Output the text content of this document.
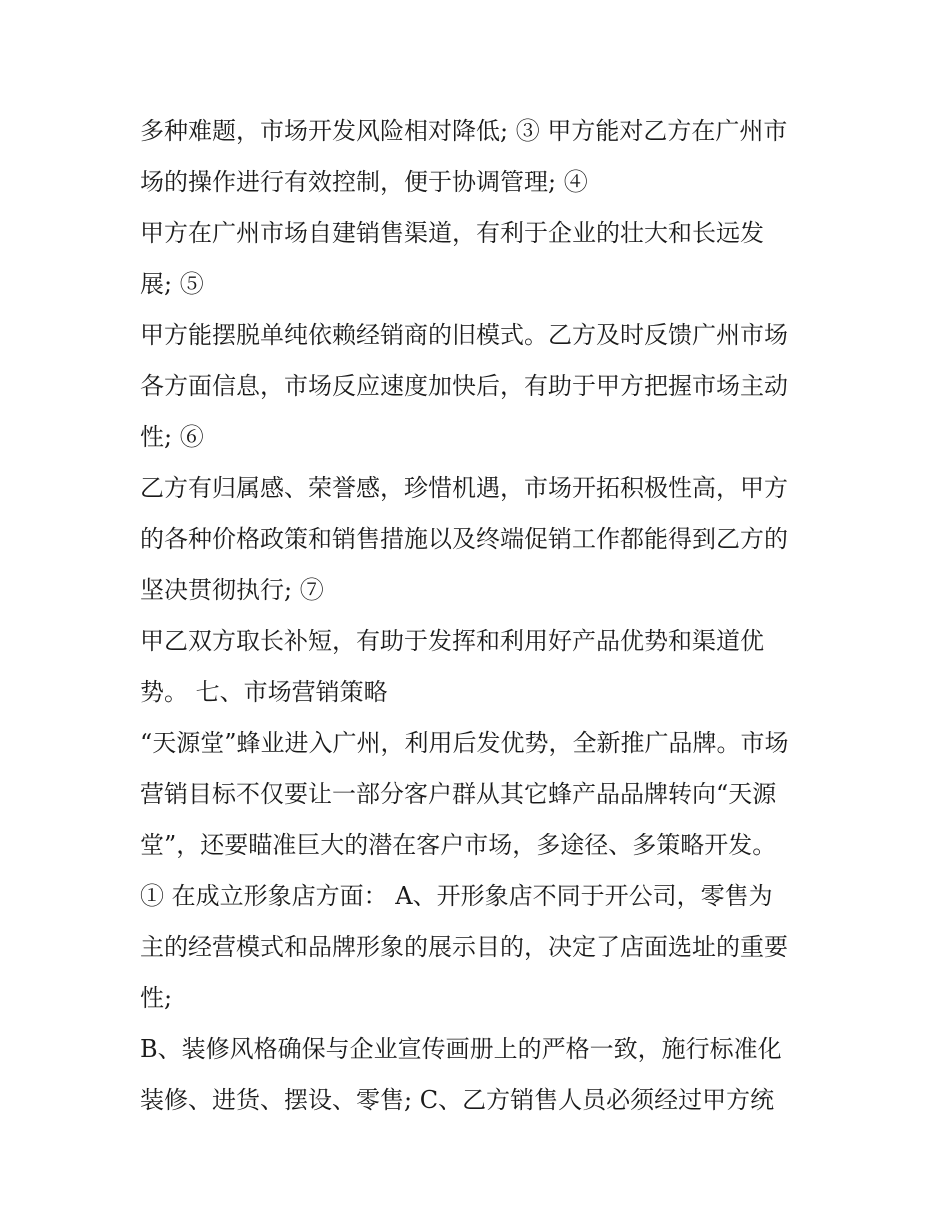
多种难题，市场开发风险相对降低; ③ 甲方能对乙方在广州市
场的操作进行有效控制，便于协调管理; ④
甲方在广州市场自建销售渠道，有利于企业的壮大和长远发
展; ⑤
甲方能摆脱单纯依赖经销商的旧模式。乙方及时反馈广州市场
各方面信息，市场反应速度加快后，有助于甲方把握市场主动
性; ⑥
乙方有归属感、荣誉感，珍惜机遇，市场开拓积极性高，甲方
的各种价格政策和销售措施以及终端促销工作都能得到乙方的
坚决贯彻执行; ⑦
甲乙双方取长补短，有助于发挥和利用好产品优势和渠道优
势。 七、市场营销策略
“天源堂”蜂业进入广州，利用后发优势，全新推广品牌。市场
营销目标不仅要让一部分客户群从其它蜂产品品牌转向“天源
堂”，还要瞄准巨大的潜在客户市场，多途径、多策略开发。
① 在成立形象店方面： A、开形象店不同于开公司，零售为
主的经营模式和品牌形象的展示目的，决定了店面选址的重要
性;
B、装修风格确保与企业宣传画册上的严格一致，施行标准化
装修、进货、摆设、零售; C、乙方销售人员必须经过甲方统
